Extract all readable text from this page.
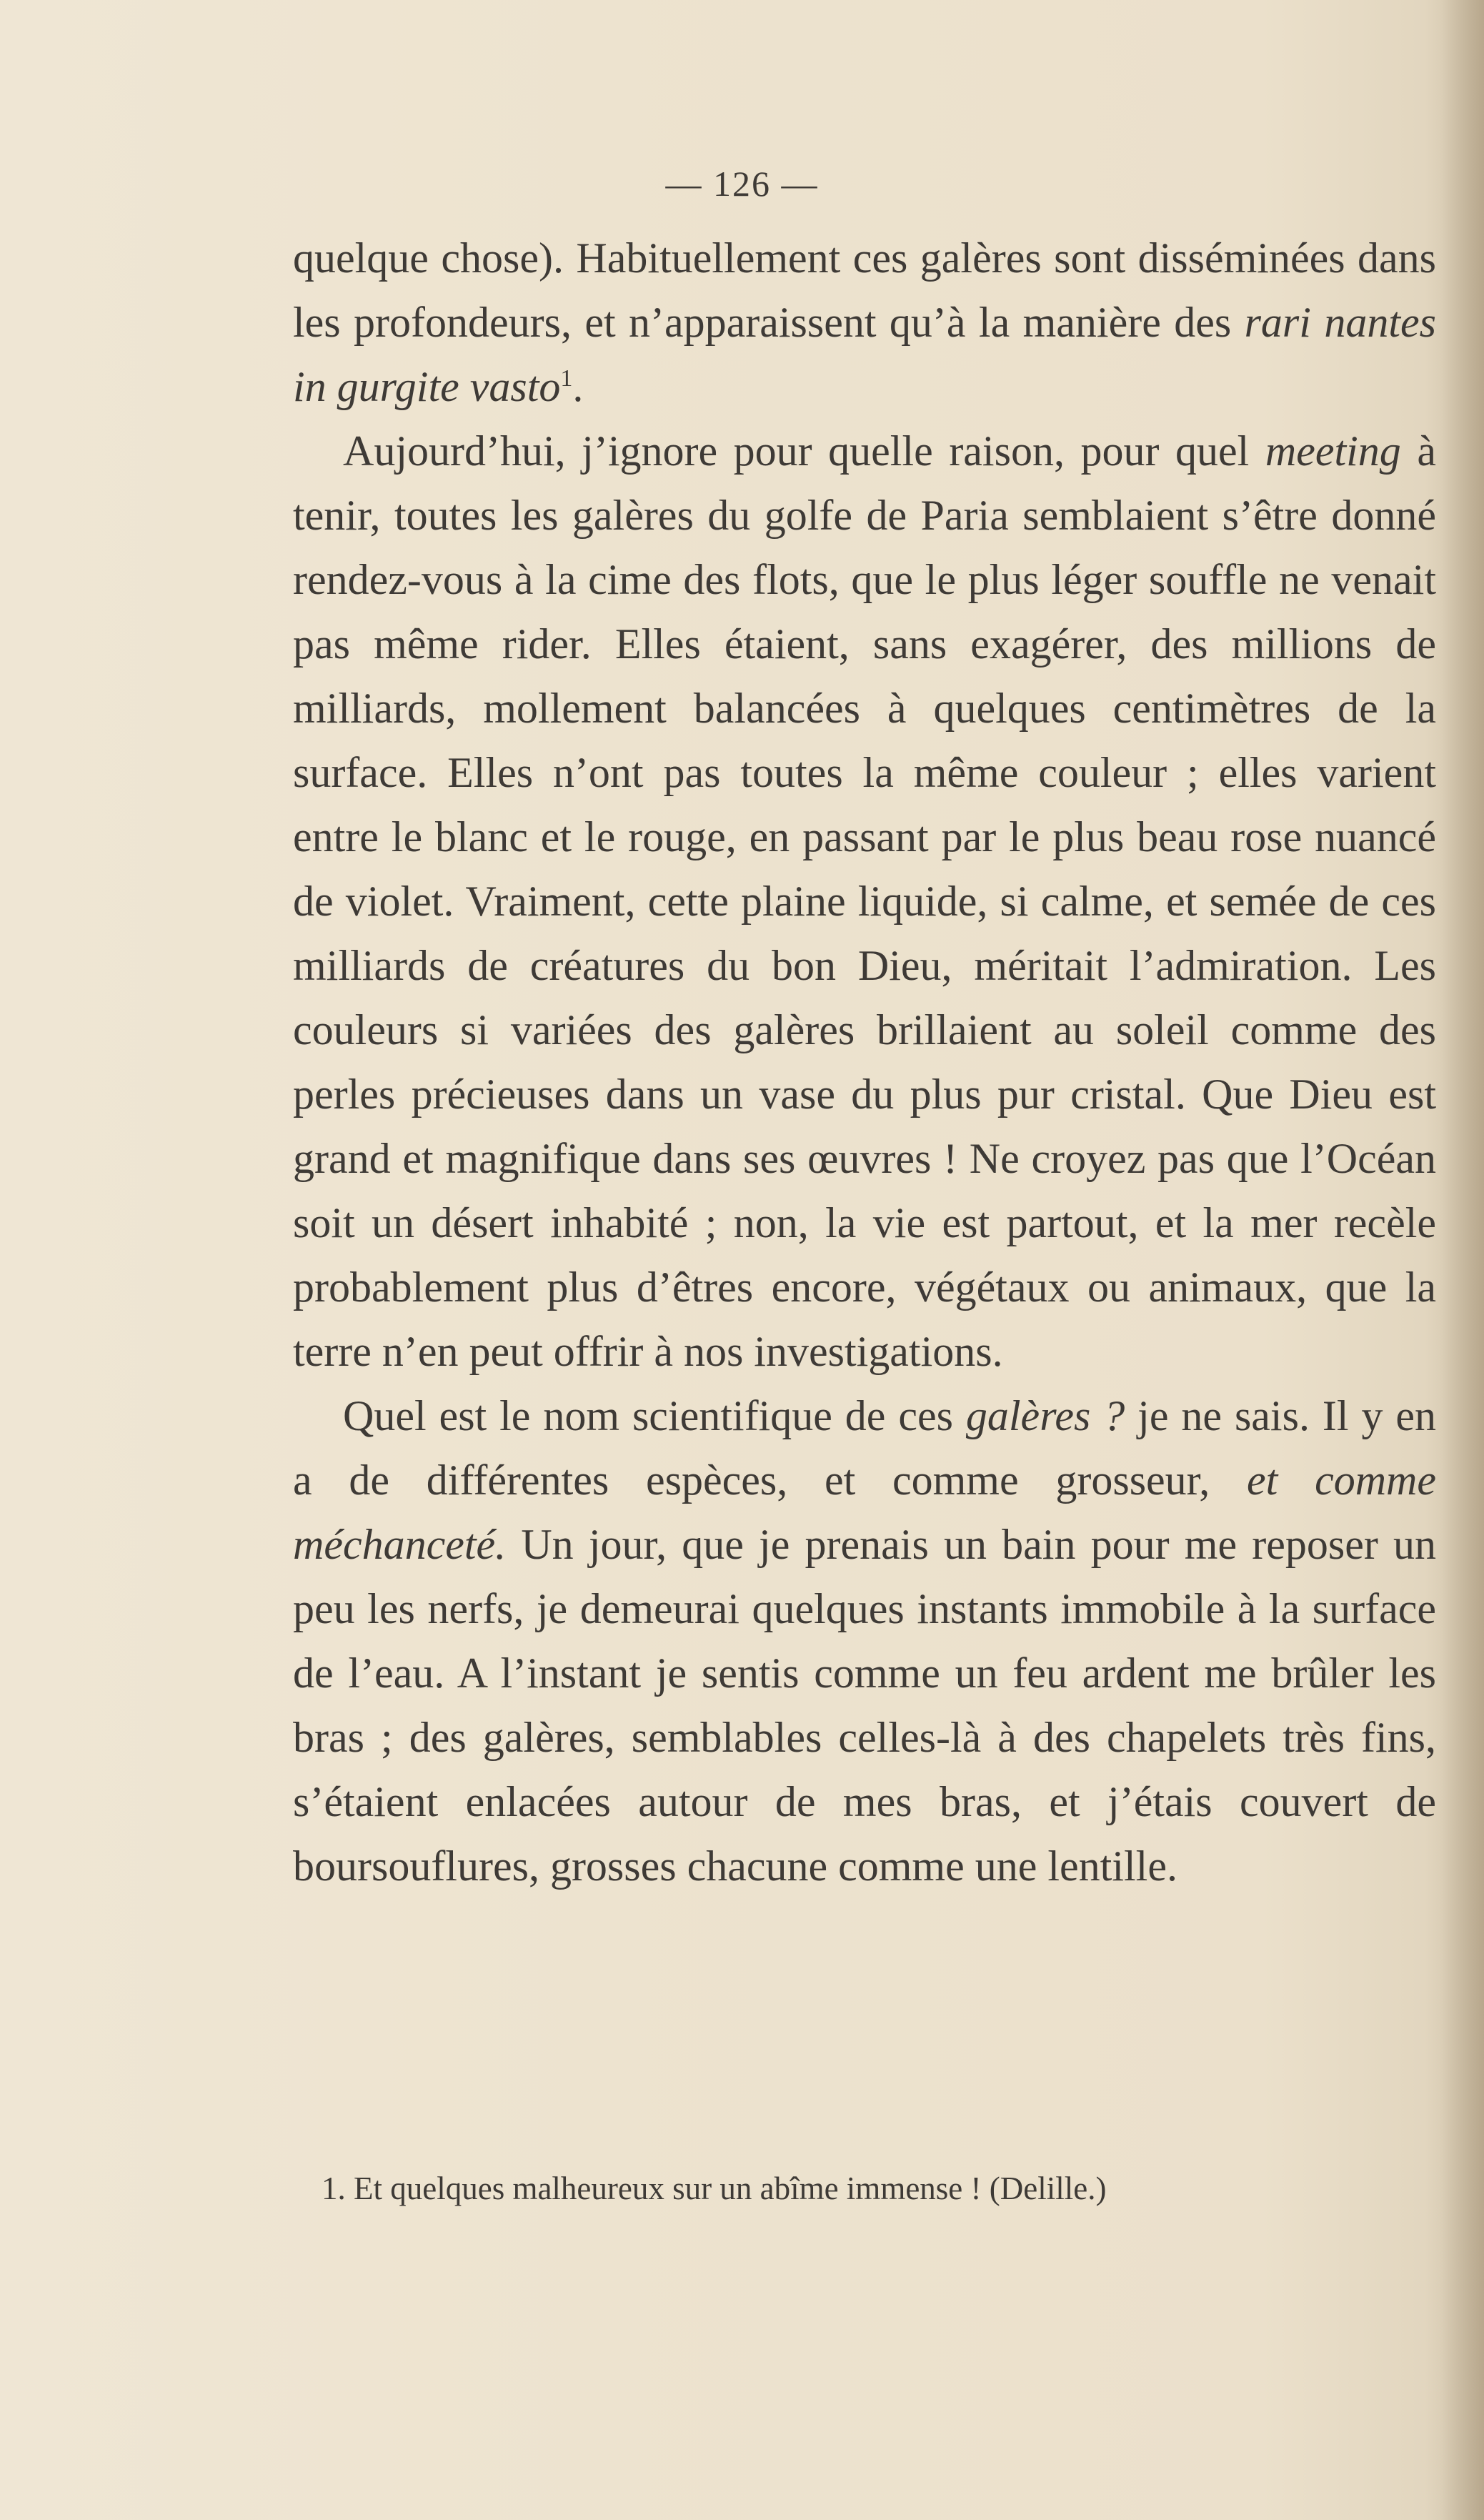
— 126 —

quelque chose). Habituellement ces galères sont disséminées dans les profondeurs, et n’apparaissent qu’à la manière des rari nantes in gurgite vasto$^1$.

Aujourd’hui, j’ignore pour quelle raison, pour quel meeting à tenir, toutes les galères du golfe de Paria semblaient s’être donné rendez-vous à la cime des flots, que le plus léger souffle ne venait pas même rider. Elles étaient, sans exagérer, des millions de milliards, mollement balancées à quelques centimètres de la surface. Elles n’ont pas toutes la même couleur ; elles varient entre le blanc et le rouge, en passant par le plus beau rose nuancé de violet. Vraiment, cette plaine liquide, si calme, et semée de ces milliards de créatures du bon Dieu, méritait l’admiration. Les couleurs si variées des galères brillaient au soleil comme des perles précieuses dans un vase du plus pur cristal. Que Dieu est grand et magnifique dans ses œuvres ! Ne croyez pas que l’Océan soit un désert inhabité ; non, la vie est partout, et la mer recèle probablement plus d’êtres encore, végétaux ou animaux, que la terre n’en peut offrir à nos investigations.

Quel est le nom scientifique de ces galères ? je ne sais. Il y en a de différentes espèces, et comme grosseur, et comme méchanceté. Un jour, que je prenais un bain pour me reposer un peu les nerfs, je demeurai quelques instants immobile à la surface de l’eau. A l’instant je sentis comme un feu ardent me brûler les bras ; des galères, semblables celles-là à des chapelets très fins, s’étaient enlacées autour de mes bras, et j’étais couvert de boursouflures, grosses chacune comme une lentille.

1. Et quelques malheureux sur un abîme immense ! (Delille.)
